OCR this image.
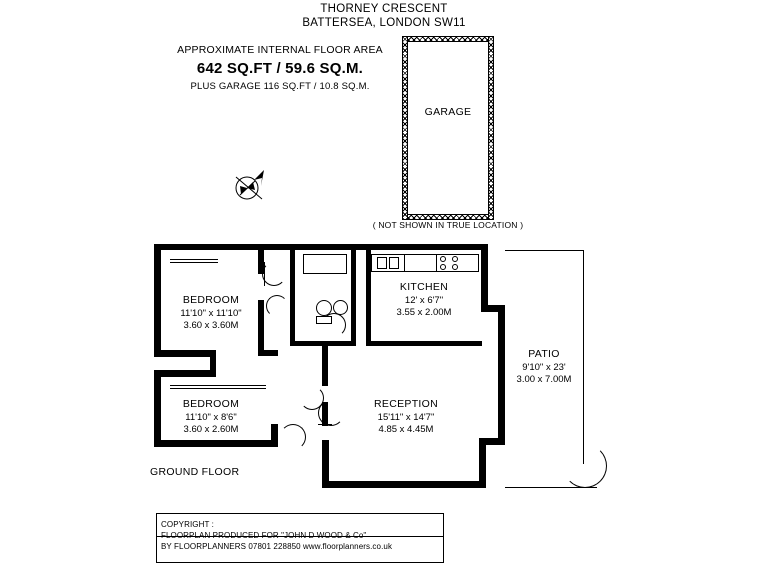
THORNEY CRESCENT
BATTERSEA, LONDON SW11
APPROXIMATE INTERNAL FLOOR AREA
642 SQ.FT / 59.6 SQ.M.
PLUS GARAGE 116 SQ.FT / 10.8 SQ.M.
GARAGE
( NOT SHOWN IN TRUE LOCATION )
BEDROOM
11'10" x 11'10"
3.60 x 3.60M
BEDROOM
11'10" x 8'6"
3.60 x 2.60M
KITCHEN
12' x 6'7"
3.55 x 2.00M
RECEPTION
15'11" x 14'7"
4.85 x 4.45M
PATIO
9'10" x 23'
3.00 x 7.00M
GROUND FLOOR
COPYRIGHT :
BY FLOORPLANNERS 07801 228850 www.floorplanners.co.uk
